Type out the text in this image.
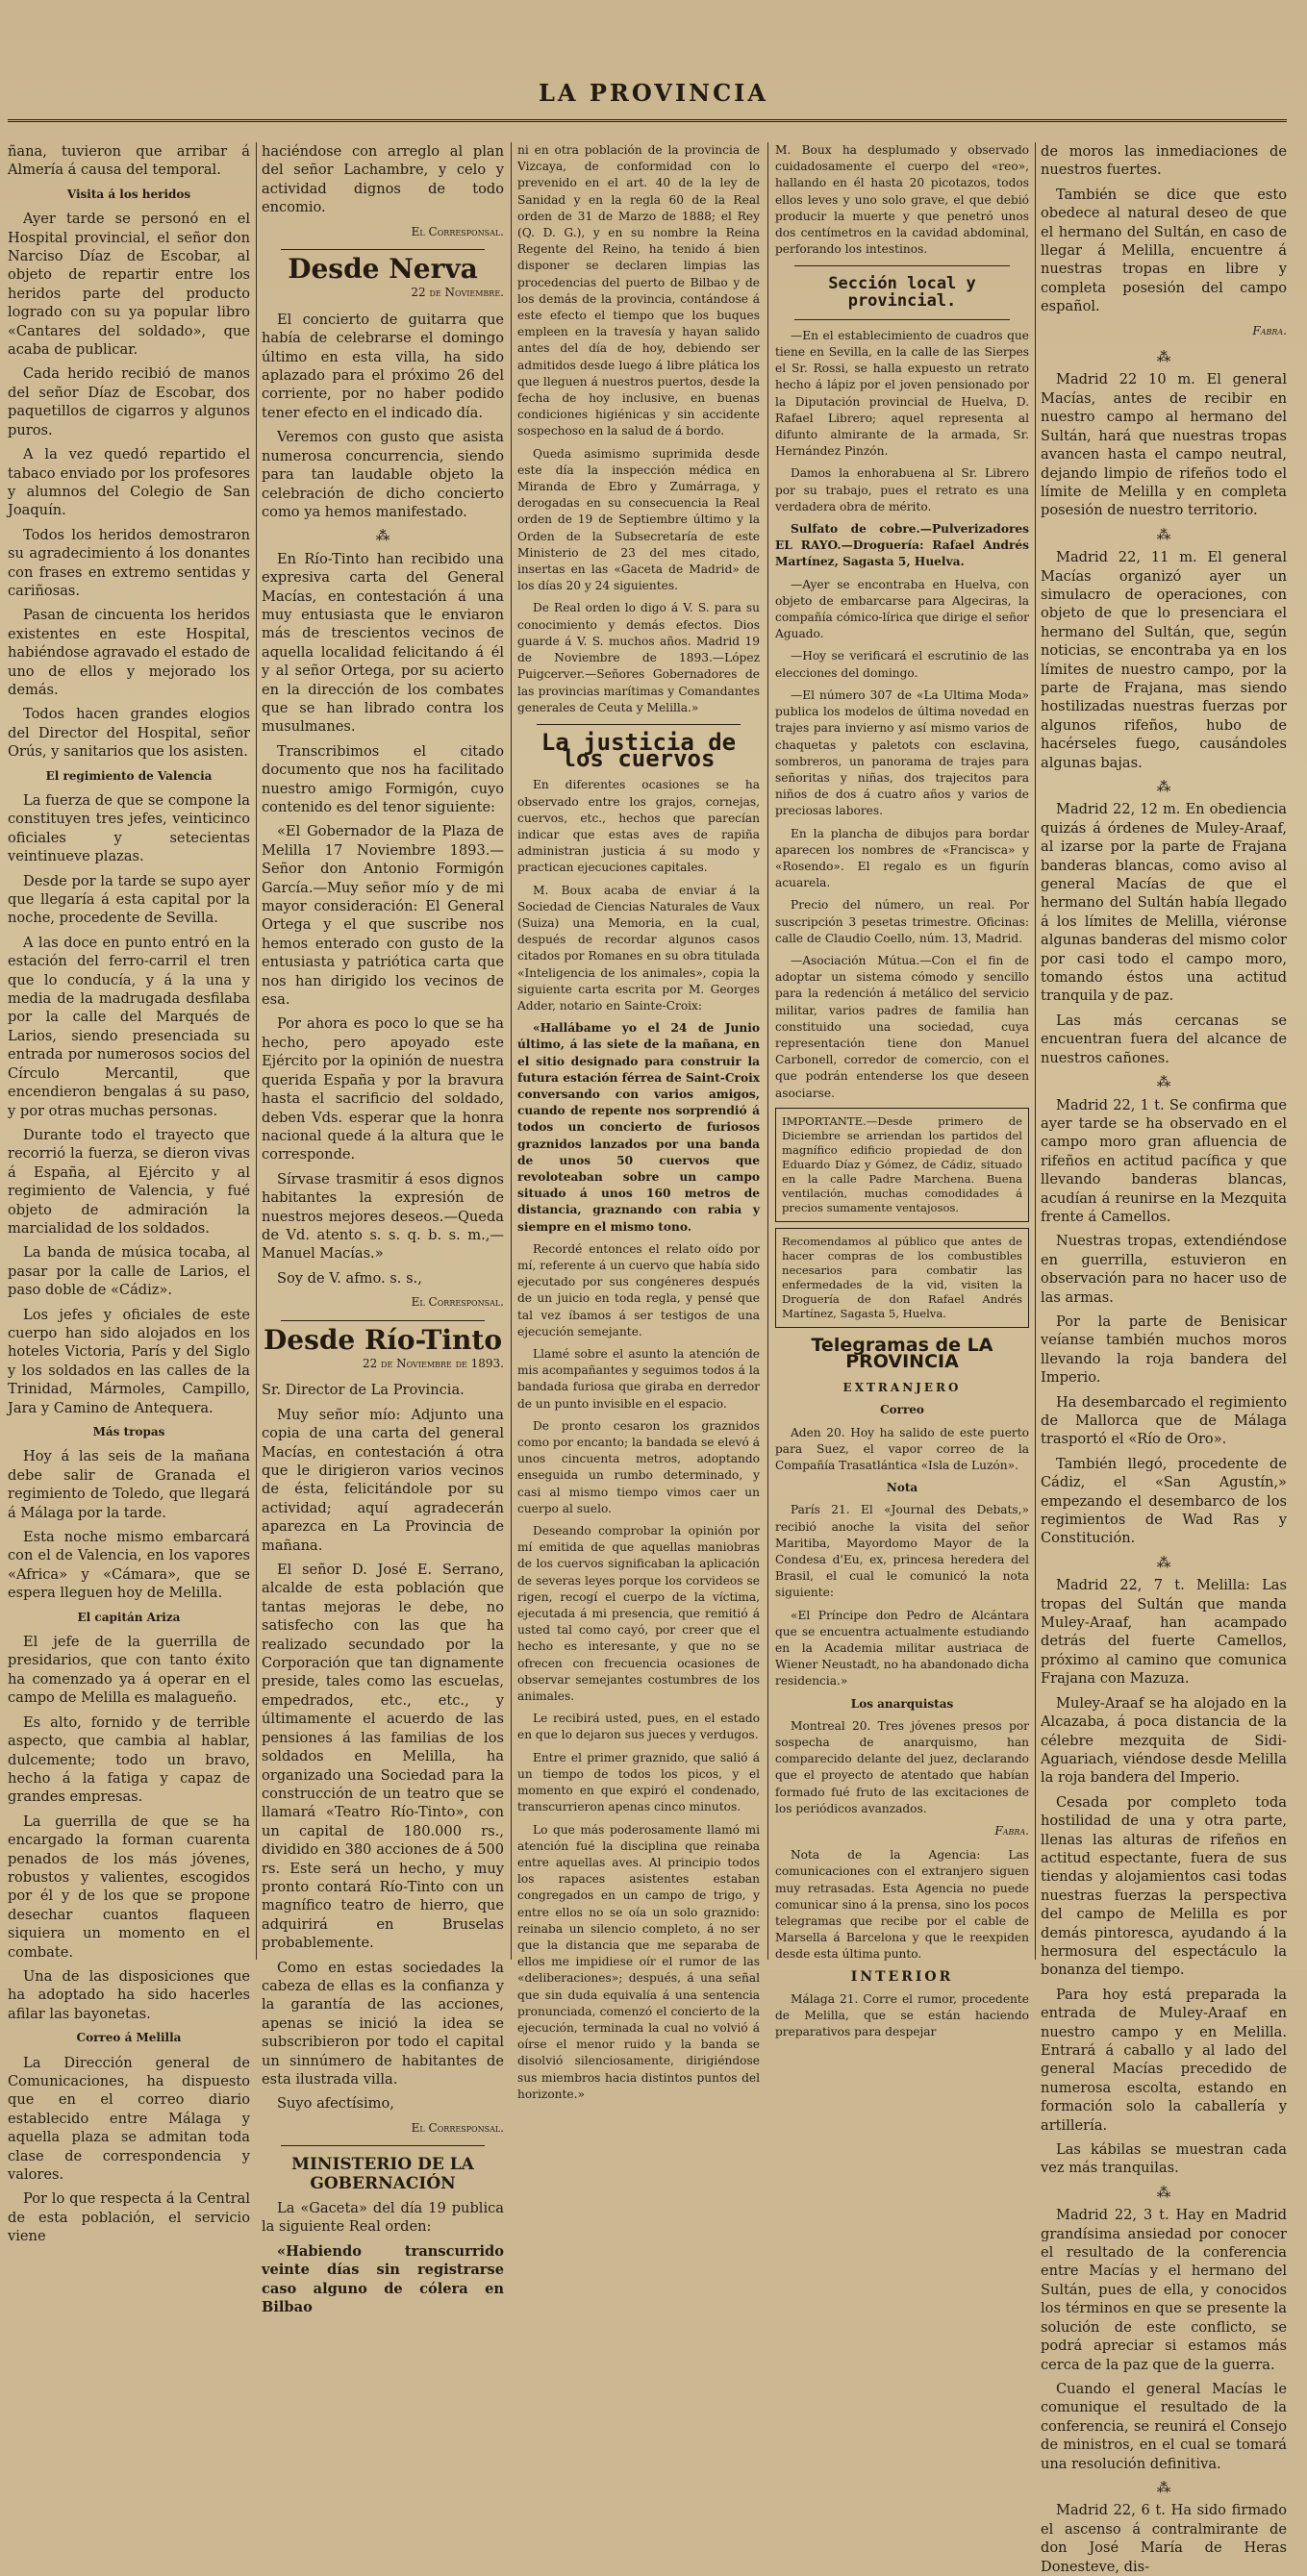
LA PROVINCIA

ñana, tuvieron que arribar á Almería á causa del temporal.

Visita á los heridos

Ayer tarde se personó en el Hospital provincial, el señor don Narciso Díaz de Escobar, al objeto de repartir entre los heridos parte del producto logrado con su ya popular libro «Cantares del soldado», que acaba de publicar.

Cada herido recibió de manos del señor Díaz de Escobar, dos paquetillos de cigarros y algunos puros.

A la vez quedó repartido el tabaco enviado por los profesores y alumnos del Colegio de San Joaquín.

Todos los heridos demostraron su agradecimiento á los donantes con frases en extremo sentidas y cariñosas.

Pasan de cincuenta los heridos existentes en este Hospital, habiéndose agravado el estado de uno de ellos y mejorado los demás.

Todos hacen grandes elogios del Director del Hospital, señor Orús, y sanitarios que los asisten.

El regimiento de Valencia

La fuerza de que se compone la constituyen tres jefes, veinticinco oficiales y setecientas veintinueve plazas.

Desde por la tarde se supo ayer que llegaría á esta capital por la noche, procedente de Sevilla.

A las doce en punto entró en la estación del ferro-carril el tren que lo conducía, y á la una y media de la madrugada desfilaba por la calle del Marqués de Larios, siendo presenciada su entrada por numerosos socios del Círculo Mercantil, que encendieron bengalas á su paso, y por otras muchas personas.

Durante todo el trayecto que recorrió la fuerza, se dieron vivas á España, al Ejército y al regimiento de Valencia, y fué objeto de admiración la marcialidad de los soldados.

La banda de música tocaba, al pasar por la calle de Larios, el paso doble de «Cádiz».

Los jefes y oficiales de este cuerpo han sido alojados en los hoteles Victoria, París y del Siglo y los soldados en las calles de la Trinidad, Mármoles, Campillo, Jara y Camino de Antequera.

Más tropas

Hoy á las seis de la mañana debe salir de Granada el regimiento de Toledo, que llegará á Málaga por la tarde.

Esta noche mismo embarcará con el de Valencia, en los vapores «Africa» y «Cámara», que se espera lleguen hoy de Melilla.

El capitán Ariza

El jefe de la guerrilla de presidarios, que con tanto éxito ha comenzado ya á operar en el campo de Melilla es malagueño.

Es alto, fornido y de terrible aspecto, que cambia al hablar, dulcemente; todo un bravo, hecho á la fatiga y capaz de grandes empresas.

La guerrilla de que se ha encargado la forman cuarenta penados de los más jóvenes, robustos y valientes, escogidos por él y de los que se propone desechar cuantos flaqueen siquiera un momento en el combate.

Una de las disposiciones que ha adoptado ha sido hacerles afilar las bayonetas.

Correo á Melilla

La Dirección general de Comunicaciones, ha dispuesto que en el correo diario establecido entre Málaga y aquella plaza se admitan toda clase de correspondencia y valores.

Por lo que respecta á la Central de esta población, el servicio viene

haciéndose con arreglo al plan del señor Lachambre, y celo y actividad dignos de todo encomio.

El Corresponsal.
Desde Nerva
22 de Noviembre.

El concierto de guitarra que había de celebrarse el domingo último en esta villa, ha sido aplazado para el próximo 26 del corriente, por no haber podido tener efecto en el indicado día.

Veremos con gusto que asista numerosa concurrencia, siendo para tan laudable objeto la celebración de dicho concierto como ya hemos manifestado.

⁂

En Río-Tinto han recibido una expresiva carta del General Macías, en contestación á una muy entusiasta que le enviaron más de trescientos vecinos de aquella localidad felicitando á él y al señor Ortega, por su acierto en la dirección de los combates que se han librado contra los musulmanes.

Transcribimos el citado documento que nos ha facilitado nuestro amigo Formigón, cuyo contenido es del tenor siguiente:

«El Gobernador de la Plaza de Melilla 17 Noviembre 1893.—Señor don Antonio Formigón García.—Muy señor mío y de mi mayor consideración: El General Ortega y el que suscribe nos hemos enterado con gusto de la entusiasta y patriótica carta que nos han dirigido los vecinos de esa.

Por ahora es poco lo que se ha hecho, pero apoyado este Ejército por la opinión de nuestra querida España y por la bravura hasta el sacrificio del soldado, deben Vds. esperar que la honra nacional quede á la altura que le corresponde.

Sírvase trasmitir á esos dignos habitantes la expresión de nuestros mejores deseos.—Queda de Vd. atento s. s. q. b. s. m.,—Manuel Macías.»

Soy de V. afmo. s. s.,

El Corresponsal.
Desde Río-Tinto
22 de Noviembre de 1893.

Sr. Director de La Provincia.

Muy señor mío: Adjunto una copia de una carta del general Macías, en contestación á otra que le dirigieron varios vecinos de ésta, felicitándole por su actividad; aquí agradecerán aparezca en La Provincia de mañana.

El señor D. José E. Serrano, alcalde de esta población que tantas mejoras le debe, no satisfecho con las que ha realizado secundado por la Corporación que tan dignamente preside, tales como las escuelas, empedrados, etc., etc., y últimamente el acuerdo de las pensiones á las familias de los soldados en Melilla, ha organizado una Sociedad para la construcción de un teatro que se llamará «Teatro Río-Tinto», con un capital de 180.000 rs., dividido en 380 acciones de á 500 rs. Este será un hecho, y muy pronto contará Río-Tinto con un magnífico teatro de hierro, que adquirirá en Bruselas probablemente.

Como en estas sociedades la cabeza de ellas es la confianza y la garantía de las acciones, apenas se inició la idea se subscribieron por todo el capital un sinnúmero de habitantes de esta ilustrada villa.

Suyo afectísimo,

El Corresponsal.
MINISTERIO DE LA GOBERNACIÓN

La «Gaceta» del día 19 publica la siguiente Real orden:

«Habiendo transcurrido veinte días sin registrarse caso alguno de cólera en Bilbao

ni en otra población de la provincia de Vizcaya, de conformidad con lo prevenido en el art. 40 de la ley de Sanidad y en la regla 60 de la Real orden de 31 de Marzo de 1888; el Rey (Q. D. G.), y en su nombre la Reina Regente del Reino, ha tenido á bien disponer se declaren limpias las procedencias del puerto de Bilbao y de los demás de la provincia, contándose á este efecto el tiempo que los buques empleen en la travesía y hayan salido antes del día de hoy, debiendo ser admitidos desde luego á libre plática los que lleguen á nuestros puertos, desde la fecha de hoy inclusive, en buenas condiciones higiénicas y sin accidente sospechoso en la salud de á bordo.

Queda asimismo suprimida desde este día la inspección médica en Miranda de Ebro y Zumárraga, y derogadas en su consecuencia la Real orden de 19 de Septiembre último y la Orden de la Subsecretaría de este Ministerio de 23 del mes citado, insertas en las «Gaceta de Madrid» de los días 20 y 24 siguientes.

De Real orden lo digo á V. S. para su conocimiento y demás efectos. Dios guarde á V. S. muchos años. Madrid 19 de Noviembre de 1893.—López Puigcerver.—Señores Gobernadores de las provincias marítimas y Comandantes generales de Ceuta y Melilla.»

La justicia de los cuervos

En diferentes ocasiones se ha observado entre los grajos, cornejas, cuervos, etc., hechos que parecían indicar que estas aves de rapiña administran justicia á su modo y practican ejecuciones capitales.

M. Boux acaba de enviar á la Sociedad de Ciencias Naturales de Vaux (Suiza) una Memoria, en la cual, después de recordar algunos casos citados por Romanes en su obra titulada «Inteligencia de los animales», copia la siguiente carta escrita por M. Georges Adder, notario en Sainte-Croix:

«Hallábame yo el 24 de Junio último, á las siete de la mañana, en el sitio designado para construir la futura estación férrea de Saint-Croix conversando con varios amigos, cuando de repente nos sorprendió á todos un concierto de furiosos graznidos lanzados por una banda de unos 50 cuervos que revoloteaban sobre un campo situado á unos 160 metros de distancia, graznando con rabia y siempre en el mismo tono.

Recordé entonces el relato oído por mí, referente á un cuervo que había sido ejecutado por sus congéneres después de un juicio en toda regla, y pensé que tal vez íbamos á ser testigos de una ejecución semejante.

Llamé sobre el asunto la atención de mis acompañantes y seguimos todos á la bandada furiosa que giraba en derredor de un punto invisible en el espacio.

De pronto cesaron los graznidos como por encanto; la bandada se elevó á unos cincuenta metros, adoptando enseguida un rumbo determinado, y casi al mismo tiempo vimos caer un cuerpo al suelo.

Deseando comprobar la opinión por mí emitida de que aquellas maniobras de los cuervos significaban la aplicación de severas leyes porque los corvideos se rigen, recogí el cuerpo de la víctima, ejecutada á mi presencia, que remitió á usted tal como cayó, por creer que el hecho es interesante, y que no se ofrecen con frecuencia ocasiones de observar semejantes costumbres de los animales.

Le recibirá usted, pues, en el estado en que lo dejaron sus jueces y verdugos.

Entre el primer graznido, que salió á un tiempo de todos los picos, y el momento en que expiró el condenado, transcurrieron apenas cinco minutos.

Lo que más poderosamente llamó mi atención fué la disciplina que reinaba entre aquellas aves. Al principio todos los rapaces asistentes estaban congregados en un campo de trigo, y entre ellos no se oía un solo graznido: reinaba un silencio completo, á no ser que la distancia que me separaba de ellos me impidiese oír el rumor de las «deliberaciones»; después, á una señal que sin duda equivalía á una sentencia pronunciada, comenzó el concierto de la ejecución, terminada la cual no volvió á oírse el menor ruido y la banda se disolvió silenciosamente, dirigiéndose sus miembros hacia distintos puntos del horizonte.»

M. Boux ha desplumado y observado cuidadosamente el cuerpo del «reo», hallando en él hasta 20 picotazos, todos ellos leves y uno solo grave, el que debió producir la muerte y que penetró unos dos centímetros en la cavidad abdominal, perforando los intestinos.

Sección local y provincial.

—En el establecimiento de cuadros que tiene en Sevilla, en la calle de las Sierpes el Sr. Rossi, se halla expuesto un retrato hecho á lápiz por el joven pensionado por la Diputación provincial de Huelva, D. Rafael Librero; aquel representa al difunto almirante de la armada, Sr. Hernández Pinzón.

Damos la enhorabuena al Sr. Librero por su trabajo, pues el retrato es una verdadera obra de mérito.

Sulfato de cobre.—Pulverizadores EL RAYO.—Droguería: Rafael Andrés Martínez, Sagasta 5, Huelva.

—Ayer se encontraba en Huelva, con objeto de embarcarse para Algeciras, la compañía cómico-lírica que dirige el señor Aguado.

—Hoy se verificará el escrutinio de las elecciones del domingo.

—El número 307 de «La Ultima Moda» publica los modelos de última novedad en trajes para invierno y así mismo varios de chaquetas y paletots con esclavina, sombreros, un panorama de trajes para señoritas y niñas, dos trajecitos para niños de dos á cuatro años y varios de preciosas labores.

En la plancha de dibujos para bordar aparecen los nombres de «Francisca» y «Rosendo». El regalo es un figurín acuarela.

Precio del número, un real. Por suscripción 3 pesetas trimestre. Oficinas: calle de Claudio Coello, núm. 13, Madrid.

—Asociación Mútua.—Con el fin de adoptar un sistema cómodo y sencillo para la redención á metálico del servicio militar, varios padres de familia han constituido una sociedad, cuya representación tiene don Manuel Carbonell, corredor de comercio, con el que podrán entenderse los que deseen asociarse.

IMPORTANTE.—Desde primero de Diciembre se arriendan los partidos del magnífico edificio propiedad de don Eduardo Díaz y Gómez, de Cádiz, situado en la calle Padre Marchena. Buena ventilación, muchas comodidades á precios sumamente ventajosos.
Recomendamos al público que antes de hacer compras de los combustibles necesarios para combatir las enfermedades de la vid, visiten la Droguería de don Rafael Andrés Martínez, Sagasta 5, Huelva.
Telegramas de LA PROVINCIA
EXTRANJERO
Correo

Aden 20. Hoy ha salido de este puerto para Suez, el vapor correo de la Compañía Trasatlántica «Isla de Luzón».

Nota

París 21. El «Journal des Debats,» recibió anoche la visita del señor Maritiba, Mayordomo Mayor de la Condesa d'Eu, ex, princesa heredera del Brasil, el cual le comunicó la nota siguiente:

«El Príncipe don Pedro de Alcántara que se encuentra actualmente estudiando en la Academia militar austriaca de Wiener Neustadt, no ha abandonado dicha residencia.»

Los anarquistas

Montreal 20. Tres jóvenes presos por sospecha de anarquismo, han comparecido delante del juez, declarando que el proyecto de atentado que habían formado fué fruto de las excitaciones de los periódicos avanzados.

Fabra.

Nota de la Agencia: Las comunicaciones con el extranjero siguen muy retrasadas. Esta Agencia no puede comunicar sino á la prensa, sino los pocos telegramas que recibe por el cable de Marsella á Barcelona y que le reexpiden desde esta última punto.

INTERIOR

Málaga 21. Corre el rumor, procedente de Melilla, que se están haciendo preparativos para despejar

de moros las inmediaciones de nuestros fuertes.

También se dice que esto obedece al natural deseo de que el hermano del Sultán, en caso de llegar á Melilla, encuentre á nuestras tropas en libre y completa posesión del campo español.

Fabra.
⁂

Madrid 22 10 m. El general Macías, antes de recibir en nuestro campo al hermano del Sultán, hará que nuestras tropas avancen hasta el campo neutral, dejando limpio de rifeños todo el límite de Melilla y en completa posesión de nuestro territorio.

⁂

Madrid 22, 11 m. El general Macías organizó ayer un simulacro de operaciones, con objeto de que lo presenciara el hermano del Sultán, que, según noticias, se encontraba ya en los límites de nuestro campo, por la parte de Frajana, mas siendo hostilizadas nuestras fuerzas por algunos rifeños, hubo de hacérseles fuego, causándoles algunas bajas.

⁂

Madrid 22, 12 m. En obediencia quizás á órdenes de Muley-Araaf, al izarse por la parte de Frajana banderas blancas, como aviso al general Macías de que el hermano del Sultán había llegado á los límites de Melilla, viéronse algunas banderas del mismo color por casi todo el campo moro, tomando éstos una actitud tranquila y de paz.

Las más cercanas se encuentran fuera del alcance de nuestros cañones.

⁂

Madrid 22, 1 t. Se confirma que ayer tarde se ha observado en el campo moro gran afluencia de rifeños en actitud pacífica y que llevando banderas blancas, acudían á reunirse en la Mezquita frente á Camellos.

Nuestras tropas, extendiéndose en guerrilla, estuvieron en observación para no hacer uso de las armas.

Por la parte de Benisicar veíanse también muchos moros llevando la roja bandera del Imperio.

Ha desembarcado el regimiento de Mallorca que de Málaga trasportó el «Río de Oro».

También llegó, procedente de Cádiz, el «San Agustín,» empezando el desembarco de los regimientos de Wad Ras y Constitución.

⁂

Madrid 22, 7 t. Melilla: Las tropas del Sultán que manda Muley-Araaf, han acampado detrás del fuerte Camellos, próximo al camino que comunica Frajana con Mazuza.

Muley-Araaf se ha alojado en la Alcazaba, á poca distancia de la célebre mezquita de Sidi-Aguariach, viéndose desde Melilla la roja bandera del Imperio.

Cesada por completo toda hostilidad de una y otra parte, llenas las alturas de rifeños en actitud espectante, fuera de sus tiendas y alojamientos casi todas nuestras fuerzas la perspectiva del campo de Melilla es por demás pintoresca, ayudando á la hermosura del espectáculo la bonanza del tiempo.

Para hoy está preparada la entrada de Muley-Araaf en nuestro campo y en Melilla. Entrará á caballo y al lado del general Macías precedido de numerosa escolta, estando en formación solo la caballería y artillería.

Las kábilas se muestran cada vez más tranquilas.

⁂

Madrid 22, 3 t. Hay en Madrid grandísima ansiedad por conocer el resultado de la conferencia entre Macías y el hermano del Sultán, pues de ella, y conocidos los términos en que se presente la solución de este conflicto, se podrá apreciar si estamos más cerca de la paz que de la guerra.

Cuando el general Macías le comunique el resultado de la conferencia, se reunirá el Consejo de ministros, en el cual se tomará una resolución definitiva.

⁂

Madrid 22, 6 t. Ha sido firmado el ascenso á contralmirante de don José María de Heras Donesteve, dis-
